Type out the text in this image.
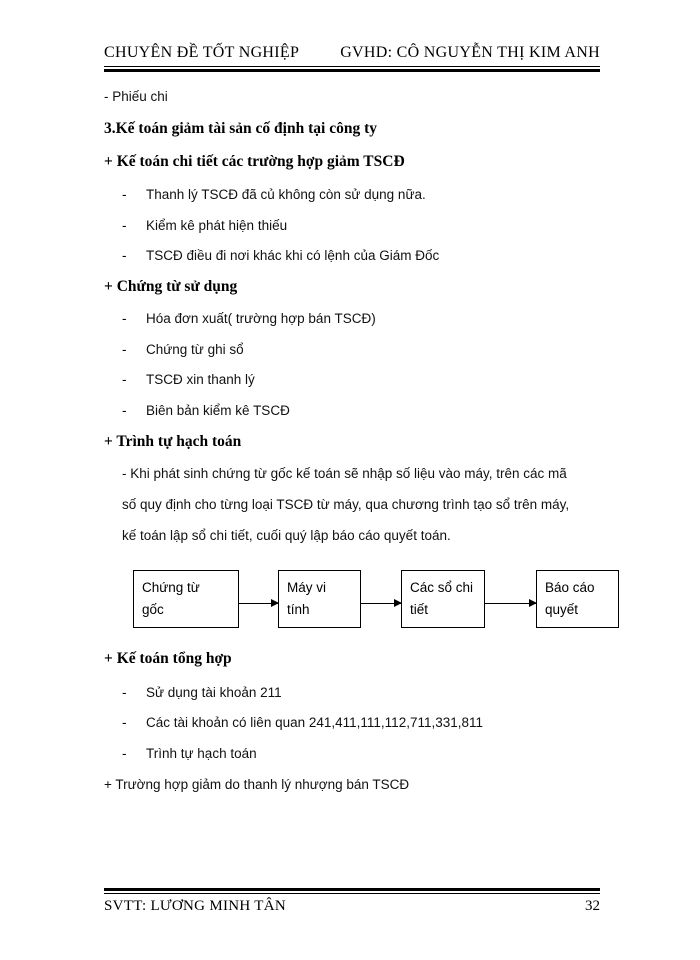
CHUYÊN ĐỀ TỐT NGHIỆP	GVHD: CÔ NGUYỄN THỊ KIM ANH
- Phiếu chi
3.Kế toán giảm tài sản cố định tại công ty
+ Kế toán chi tiết các trường hợp giảm TSCĐ
- Thanh lý TSCĐ đã củ không còn sử dụng nữa.
- Kiểm kê phát hiện thiếu
- TSCĐ điều đi nơi khác khi có lệnh của Giám Đốc
+ Chứng từ sử dụng
- Hóa đơn xuất( trường hợp bán TSCĐ)
- Chứng từ ghi sổ
- TSCĐ xin thanh lý
- Biên bản kiểm kê TSCĐ
+ Trình tự hạch toán
- Khi phát sinh chứng từ gốc kế toán sẽ nhập số liệu vào máy, trên các mã
số quy định cho từng loại TSCĐ từ máy, qua chương trình tạo sổ trên máy,
kế toán lập sổ chi tiết, cuối quý lập báo cáo quyết toán.
Chứng từ
gốc
Máy vi
tính
Các sổ chi
tiết
Báo cáo
quyết
+ Kế toán tổng hợp
- Sử dụng tài khoản 211
- Các tài khoản có liên quan 241,411,111,112,711,331,811
- Trình tự hạch toán
+ Trường hợp giảm do thanh lý nhượng bán TSCĐ
SVTT: LƯƠNG MINH TÂN	32
